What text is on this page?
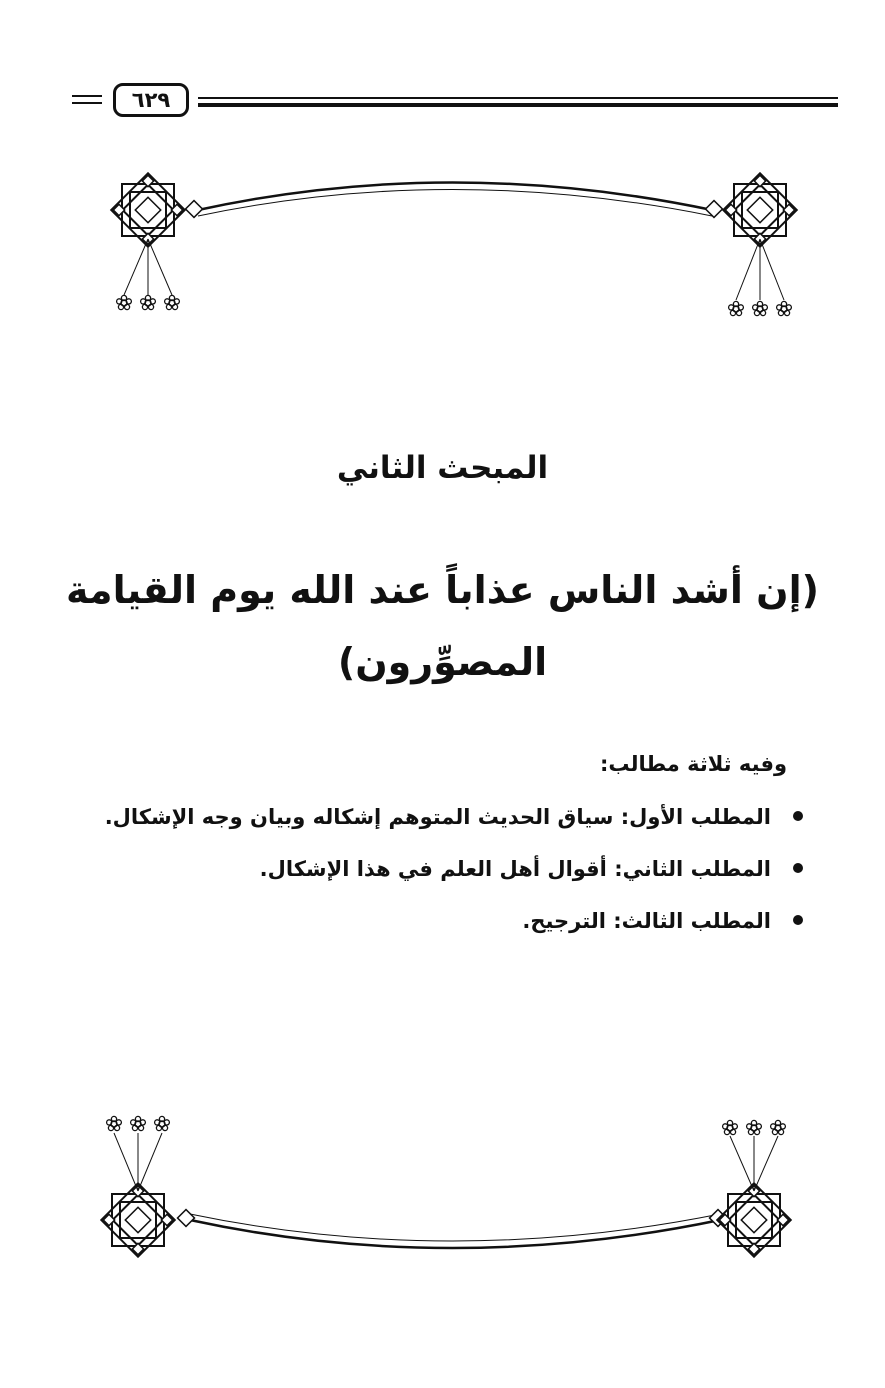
٦٢٩
المبحث الثاني
(إن أشد الناس عذاباً عند الله يوم القيامة
المصوِّرون)
وفيه ثلاثة مطالب:
المطلب الأول: سياق الحديث المتوهم إشكاله وبيان وجه الإشكال.
المطلب الثاني: أقوال أهل العلم في هذا الإشكال.
المطلب الثالث: الترجيح.
